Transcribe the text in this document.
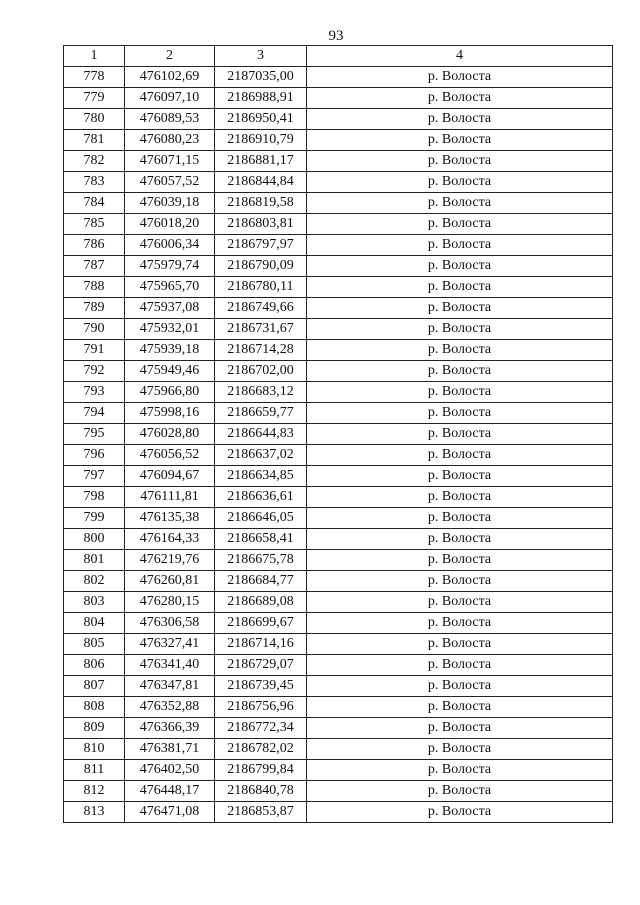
93
1	2	3	4
778	476102,69	2187035,00	р. Волоста
779	476097,10	2186988,91	р. Волоста
780	476089,53	2186950,41	р. Волоста
781	476080,23	2186910,79	р. Волоста
782	476071,15	2186881,17	р. Волоста
783	476057,52	2186844,84	р. Волоста
784	476039,18	2186819,58	р. Волоста
785	476018,20	2186803,81	р. Волоста
786	476006,34	2186797,97	р. Волоста
787	475979,74	2186790,09	р. Волоста
788	475965,70	2186780,11	р. Волоста
789	475937,08	2186749,66	р. Волоста
790	475932,01	2186731,67	р. Волоста
791	475939,18	2186714,28	р. Волоста
792	475949,46	2186702,00	р. Волоста
793	475966,80	2186683,12	р. Волоста
794	475998,16	2186659,77	р. Волоста
795	476028,80	2186644,83	р. Волоста
796	476056,52	2186637,02	р. Волоста
797	476094,67	2186634,85	р. Волоста
798	476111,81	2186636,61	р. Волоста
799	476135,38	2186646,05	р. Волоста
800	476164,33	2186658,41	р. Волоста
801	476219,76	2186675,78	р. Волоста
802	476260,81	2186684,77	р. Волоста
803	476280,15	2186689,08	р. Волоста
804	476306,58	2186699,67	р. Волоста
805	476327,41	2186714,16	р. Волоста
806	476341,40	2186729,07	р. Волоста
807	476347,81	2186739,45	р. Волоста
808	476352,88	2186756,96	р. Волоста
809	476366,39	2186772,34	р. Волоста
810	476381,71	2186782,02	р. Волоста
811	476402,50	2186799,84	р. Волоста
812	476448,17	2186840,78	р. Волоста
813	476471,08	2186853,87	р. Волоста
